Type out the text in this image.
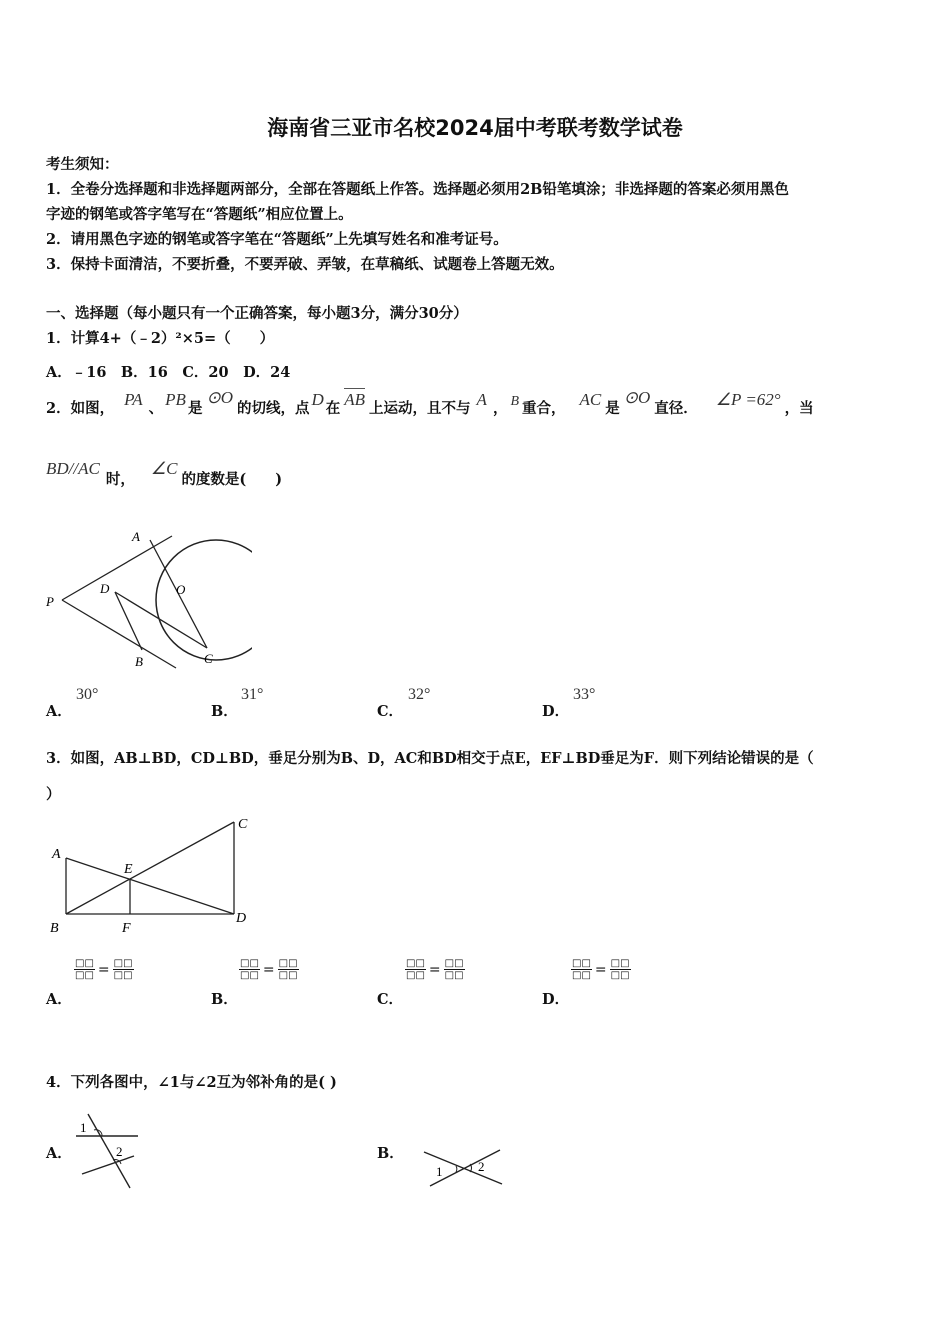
海南省三亚市名校2024届中考联考数学试卷
考生须知：
1．全卷分选择题和非选择题两部分，全部在答题纸上作答。选择题必须用2B铅笔填涂；非选择题的答案必须用黑色
字迹的钢笔或答字笔写在“答题纸”相应位置上。
2．请用黑色字迹的钢笔或答字笔在“答题纸”上先填写姓名和准考证号。
3．保持卡面清洁，不要折叠，不要弄破、弄皱，在草稿纸、试题卷上答题无效。
一、选择题（每小题只有一个正确答案，每小题3分，满分30分）
1．计算4+（﹣2）²×5=（　　）
A．﹣16　B．16　C．20　D．24
2．如图， PA 、 PB 是
⊙O
的切线，点 D 在 AB 上运动，且不与 A ， B 重合， AC 是
⊙O
直径． ∠P =62° ，当
BD//AC
时，
∠C
的度数是(　　)
A
O
P
D
B	C
A．
30°
B．
31°
C．
32°
D．
33°
3．如图，AB⊥BD，CD⊥BD，垂足分别为B、D，AC和BD相交于点E，EF⊥BD垂足为F．则下列结论错误的是（
）
A
E
C
B	F
D
$\frac{□□}{□□} = \frac{□□}{□□}$
A．
$\frac{□□}{□□} = \frac{□□}{□□}$
B．
$\frac{□□}{□□} = \frac{□□}{□□}$
C．
$\frac{□□}{□□} = \frac{□□}{□□}$
D．
4．下列各图中，∠1与∠2互为邻补角的是( )
A．
1
2	B．
1	2
